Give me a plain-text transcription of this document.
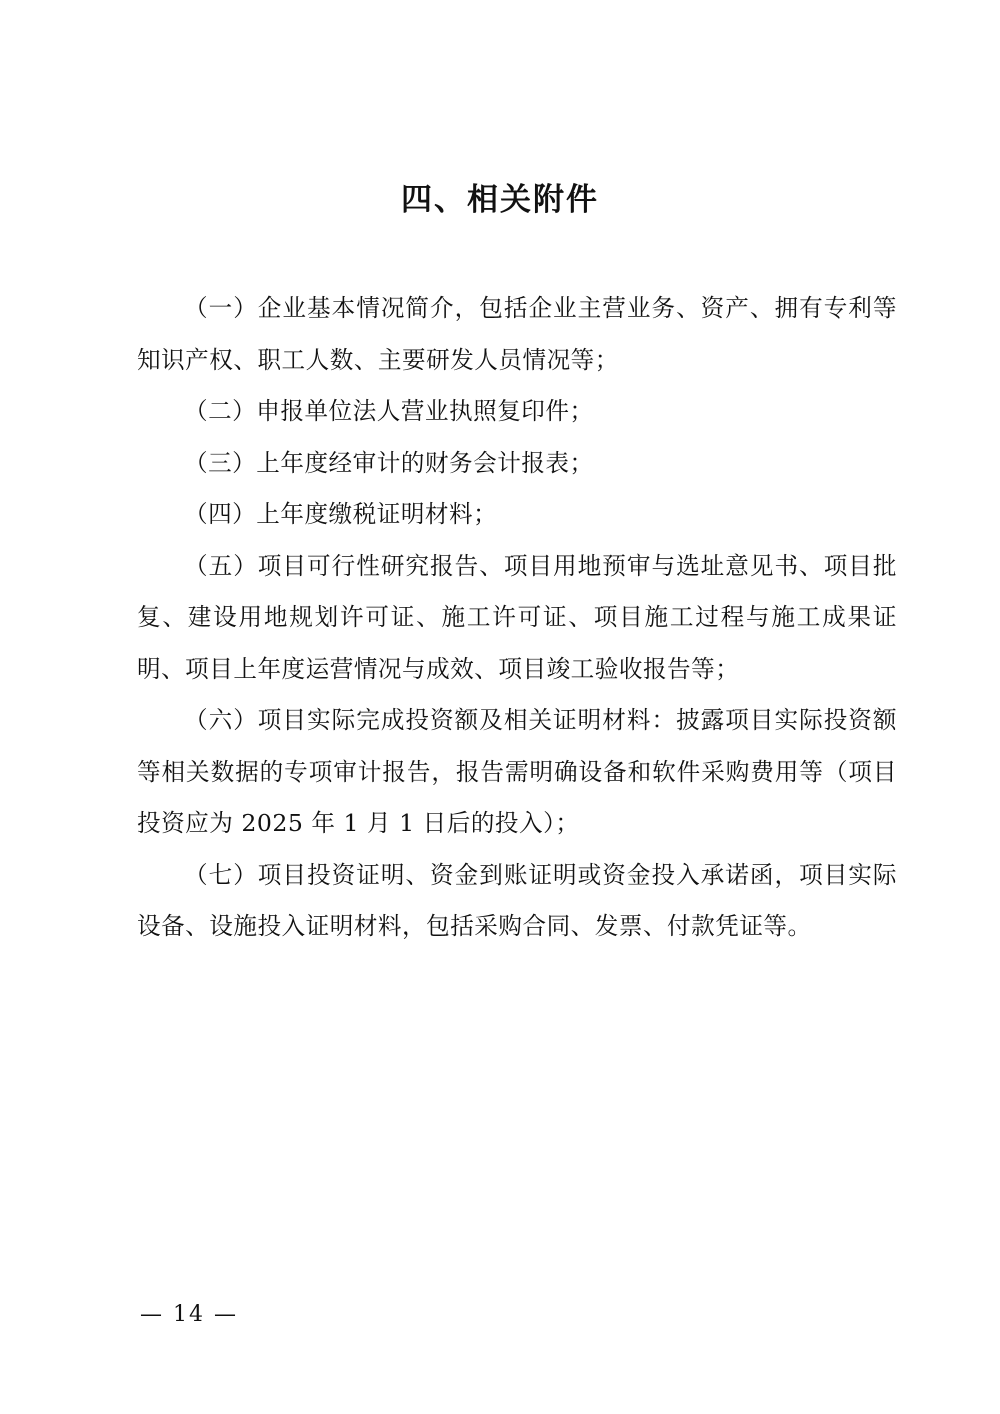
四、相关附件

（一）企业基本情况简介，包括企业主营业务、资产、拥有专利等知识产权、职工人数、主要研发人员情况等；

（二）申报单位法人营业执照复印件；

（三）上年度经审计的财务会计报表；

（四）上年度缴税证明材料；

（五）项目可行性研究报告、项目用地预审与选址意见书、项目批复、建设用地规划许可证、施工许可证、项目施工过程与施工成果证明、项目上年度运营情况与成效、项目竣工验收报告等；

（六）项目实际完成投资额及相关证明材料：披露项目实际投资额等相关数据的专项审计报告，报告需明确设备和软件采购费用等（项目投资应为 2025 年 1 月 1 日后的投入）；

（七）项目投资证明、资金到账证明或资金投入承诺函，项目实际设备、设施投入证明材料，包括采购合同、发票、付款凭证等。

— 14 —
